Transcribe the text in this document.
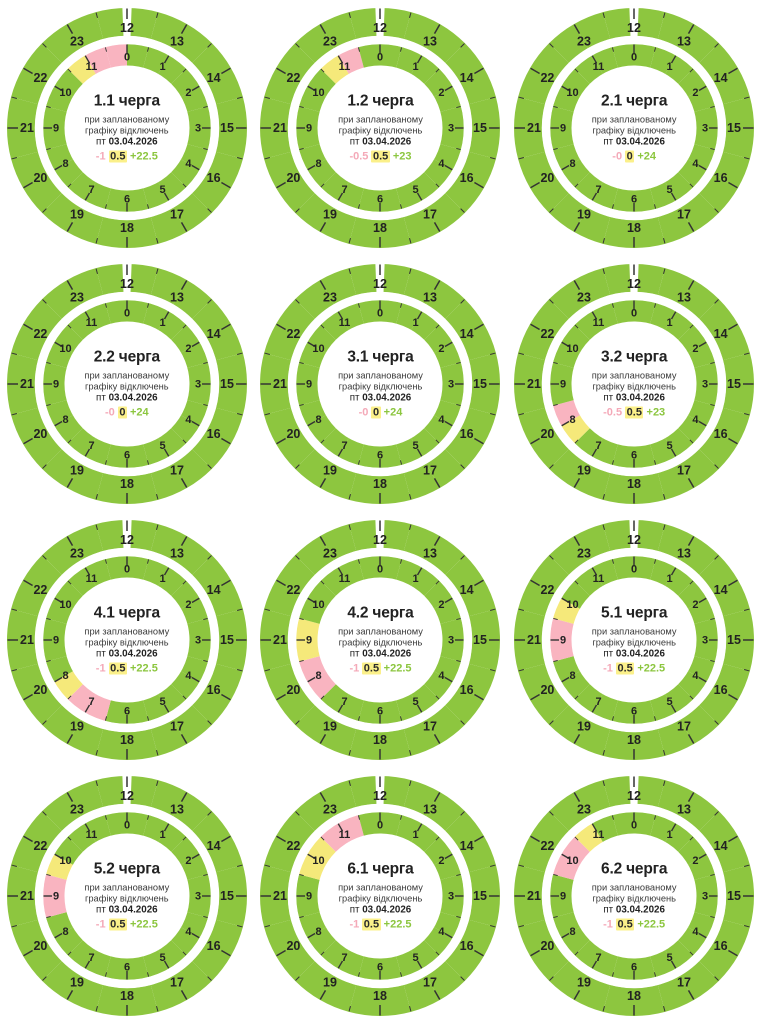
12
13
14
15
16
17
18
19
20
21
22
23
0
1
2
3
4
5
6
7
8
9
10
11
1.1 черга
при запланованому
графіку відключень
пт 03.04.2026
-1 0.5 +22.5
12
13
14
15
16
17
18
19
20
21
22
23
0
1
2
3
4
5
6
7
8
9
10
11
1.2 черга
при запланованому
графіку відключень
пт 03.04.2026
-0.5 0.5 +23
12
13
14
15
16
17
18
19
20
21
22
23
0
1
2
3
4
5
6
7
8
9
10
11
2.1 черга
при запланованому
графіку відключень
пт 03.04.2026
-0 0 +24
12
13
14
15
16
17
18
19
20
21
22
23
0
1
2
3
4
5
6
7
8
9
10
11
2.2 черга
при запланованому
графіку відключень
пт 03.04.2026
-0 0 +24
12
13
14
15
16
17
18
19
20
21
22
23
0
1
2
3
4
5
6
7
8
9
10
11
3.1 черга
при запланованому
графіку відключень
пт 03.04.2026
-0 0 +24
12
13
14
15
16
17
18
19
20
21
22
23
0
1
2
3
4
5
6
7
8
9
10
11
3.2 черга
при запланованому
графіку відключень
пт 03.04.2026
-0.5 0.5 +23
12
13
14
15
16
17
18
19
20
21
22
23
0
1
2
3
4
5
6
7
8
9
10
11
4.1 черга
при запланованому
графіку відключень
пт 03.04.2026
-1 0.5 +22.5
12
13
14
15
16
17
18
19
20
21
22
23
0
1
2
3
4
5
6
7
8
9
10
11
4.2 черга
при запланованому
графіку відключень
пт 03.04.2026
-1 0.5 +22.5
12
13
14
15
16
17
18
19
20
21
22
23
0
1
2
3
4
5
6
7
8
9
10
11
5.1 черга
при запланованому
графіку відключень
пт 03.04.2026
-1 0.5 +22.5
12
13
14
15
16
17
18
19
20
21
22
23
0
1
2
3
4
5
6
7
8
9
10
11
5.2 черга
при запланованому
графіку відключень
пт 03.04.2026
-1 0.5 +22.5
12
13
14
15
16
17
18
19
20
21
22
23
0
1
2
3
4
5
6
7
8
9
10
11
6.1 черга
при запланованому
графіку відключень
пт 03.04.2026
-1 0.5 +22.5
12
13
14
15
16
17
18
19
20
21
22
23
0
1
2
3
4
5
6
7
8
9
10
11
6.2 черга
при запланованому
графіку відключень
пт 03.04.2026
-1 0.5 +22.5
